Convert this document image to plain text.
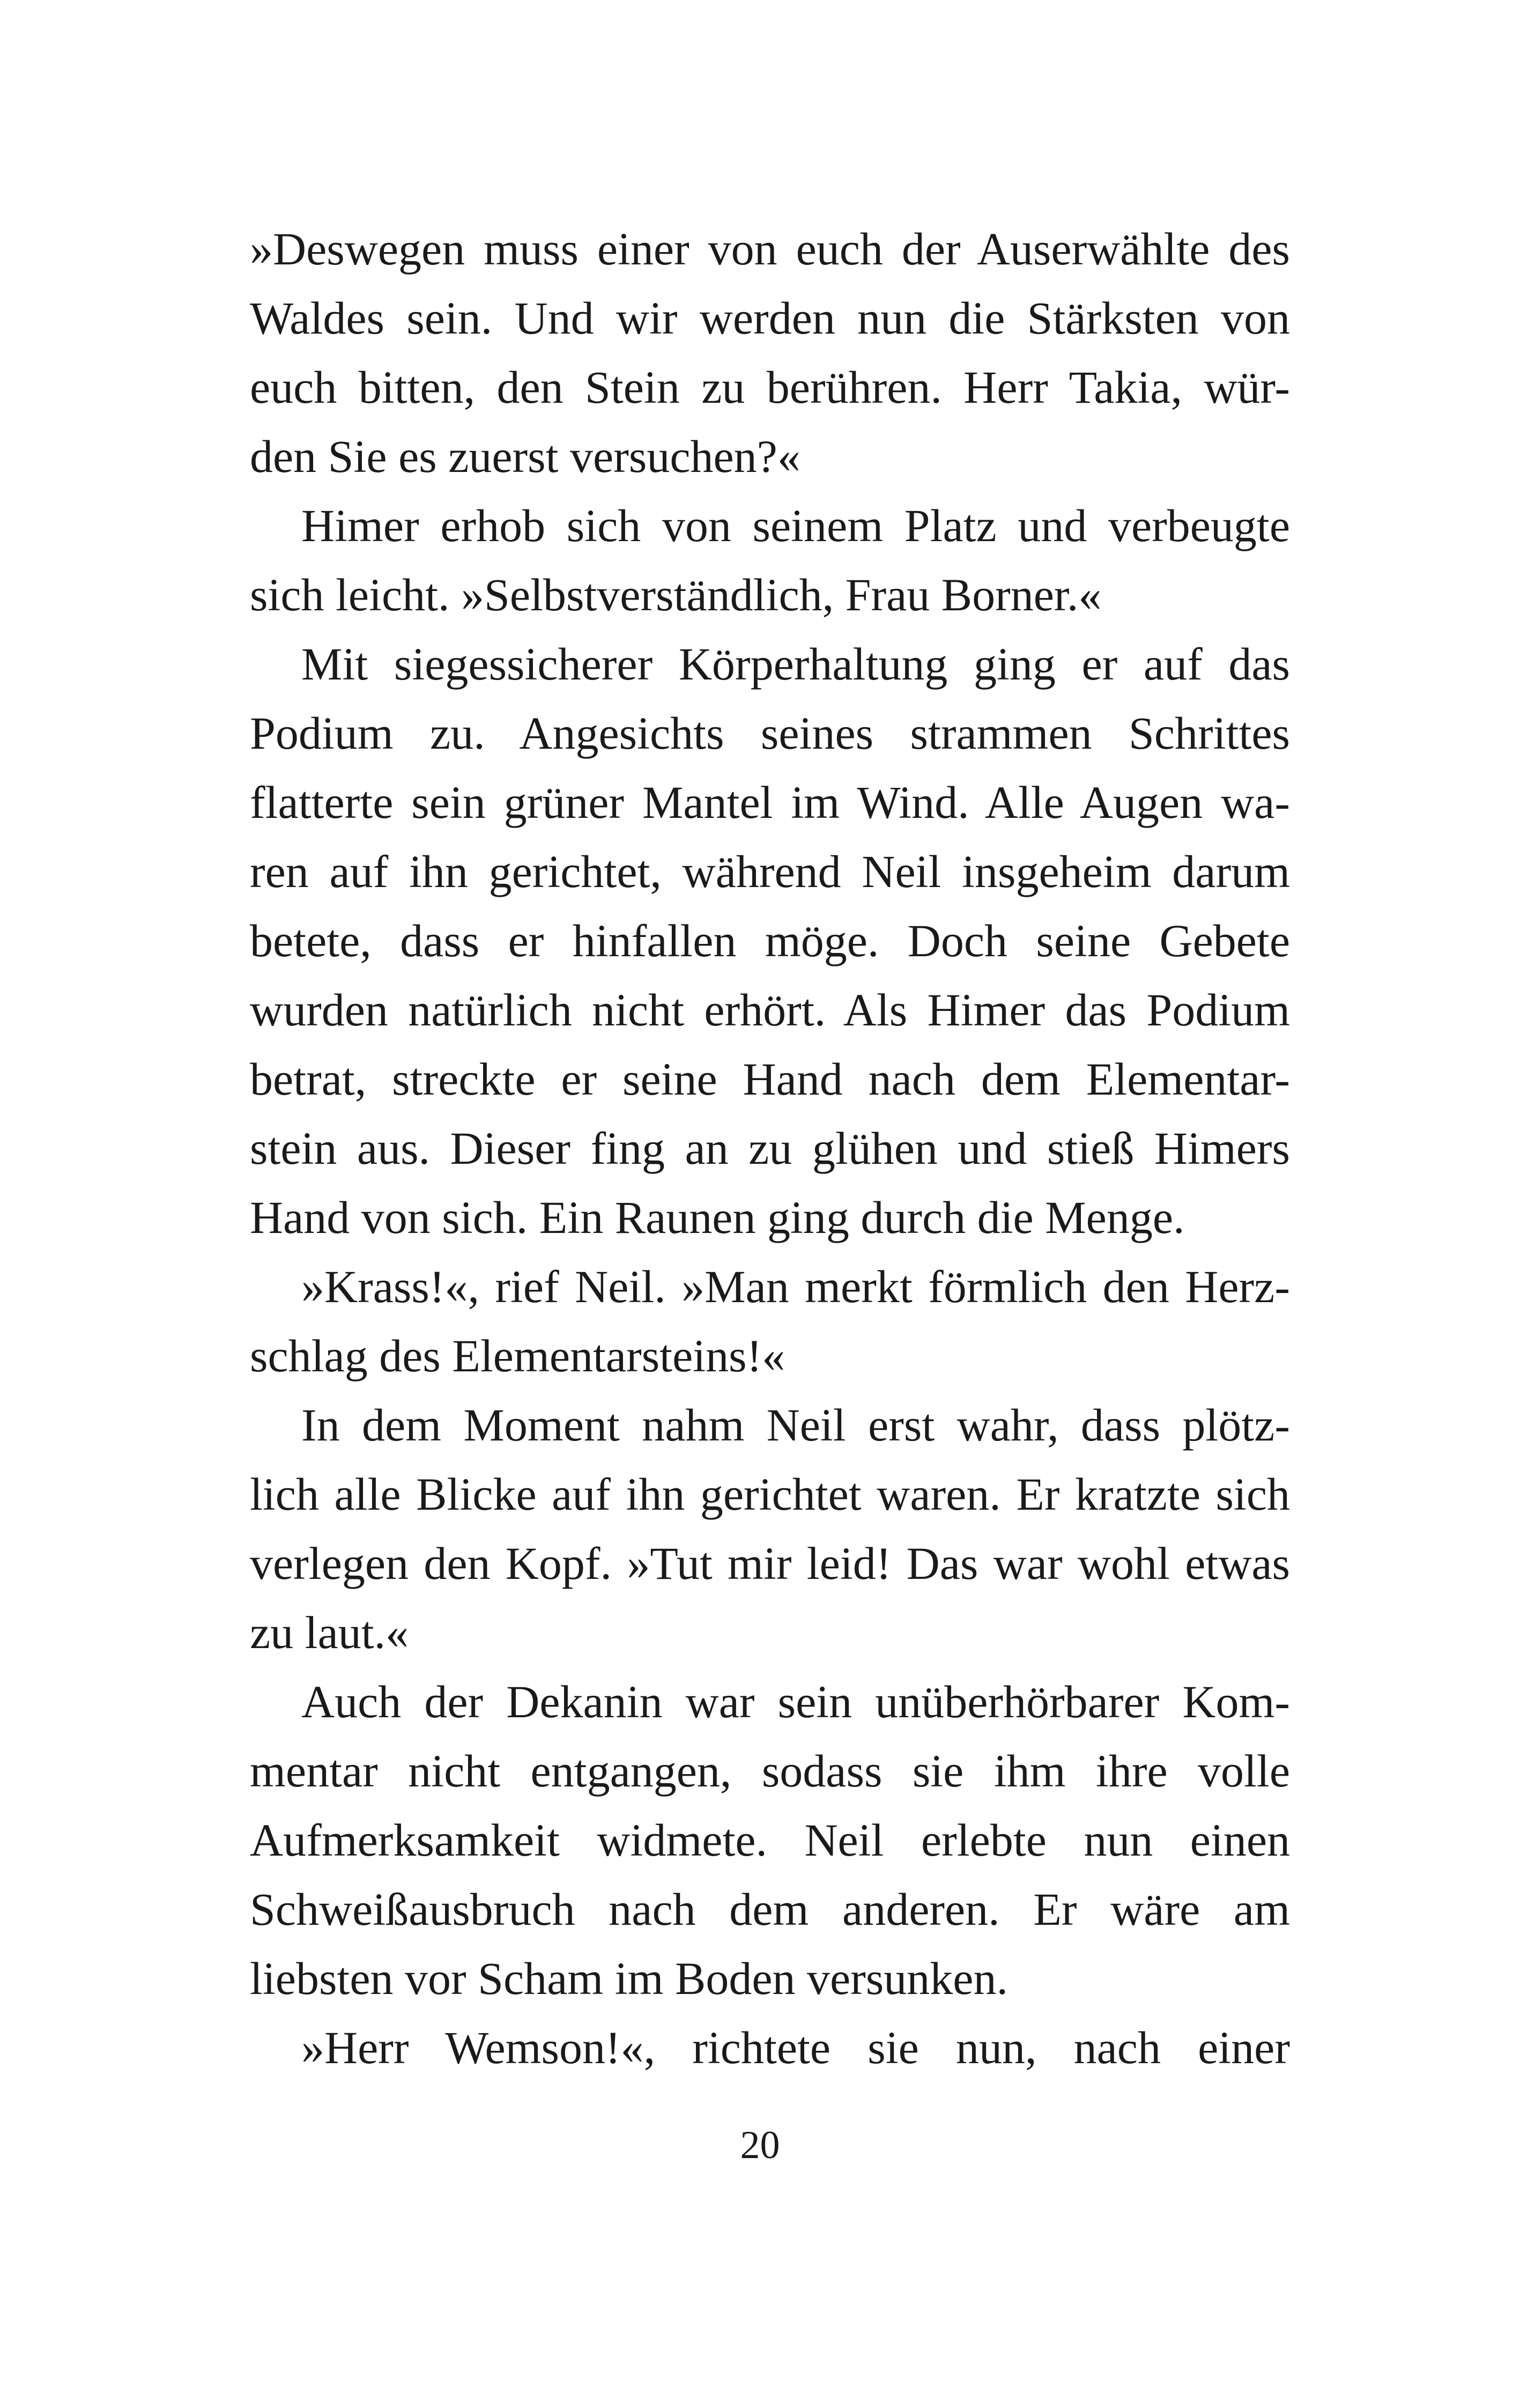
»Deswegen muss einer von euch der Auserwählte des
Waldes sein. Und wir werden nun die Stärksten von
euch bitten, den Stein zu berühren. Herr Takia, wür-
den Sie es zuerst versuchen?«
Himer erhob sich von seinem Platz und verbeugte
sich leicht. »Selbstverständlich, Frau Borner.«
Mit siegessicherer Körperhaltung ging er auf das
Podium zu. Angesichts seines strammen Schrittes
flatterte sein grüner Mantel im Wind. Alle Augen wa-
ren auf ihn gerichtet, während Neil insgeheim darum
betete, dass er hinfallen möge. Doch seine Gebete
wurden natürlich nicht erhört. Als Himer das Podium
betrat, streckte er seine Hand nach dem Elementar-
stein aus. Dieser fing an zu glühen und stieß Himers
Hand von sich. Ein Raunen ging durch die Menge.
»Krass!«, rief Neil. »Man merkt förmlich den Herz-
schlag des Elementarsteins!«
In dem Moment nahm Neil erst wahr, dass plötz-
lich alle Blicke auf ihn gerichtet waren. Er kratzte sich
verlegen den Kopf. »Tut mir leid! Das war wohl etwas
zu laut.«
Auch der Dekanin war sein unüberhörbarer Kom-
mentar nicht entgangen, sodass sie ihm ihre volle
Aufmerksamkeit widmete. Neil erlebte nun einen
Schweißausbruch nach dem anderen. Er wäre am
liebsten vor Scham im Boden versunken.
»Herr Wemson!«, richtete sie nun, nach einer
20
